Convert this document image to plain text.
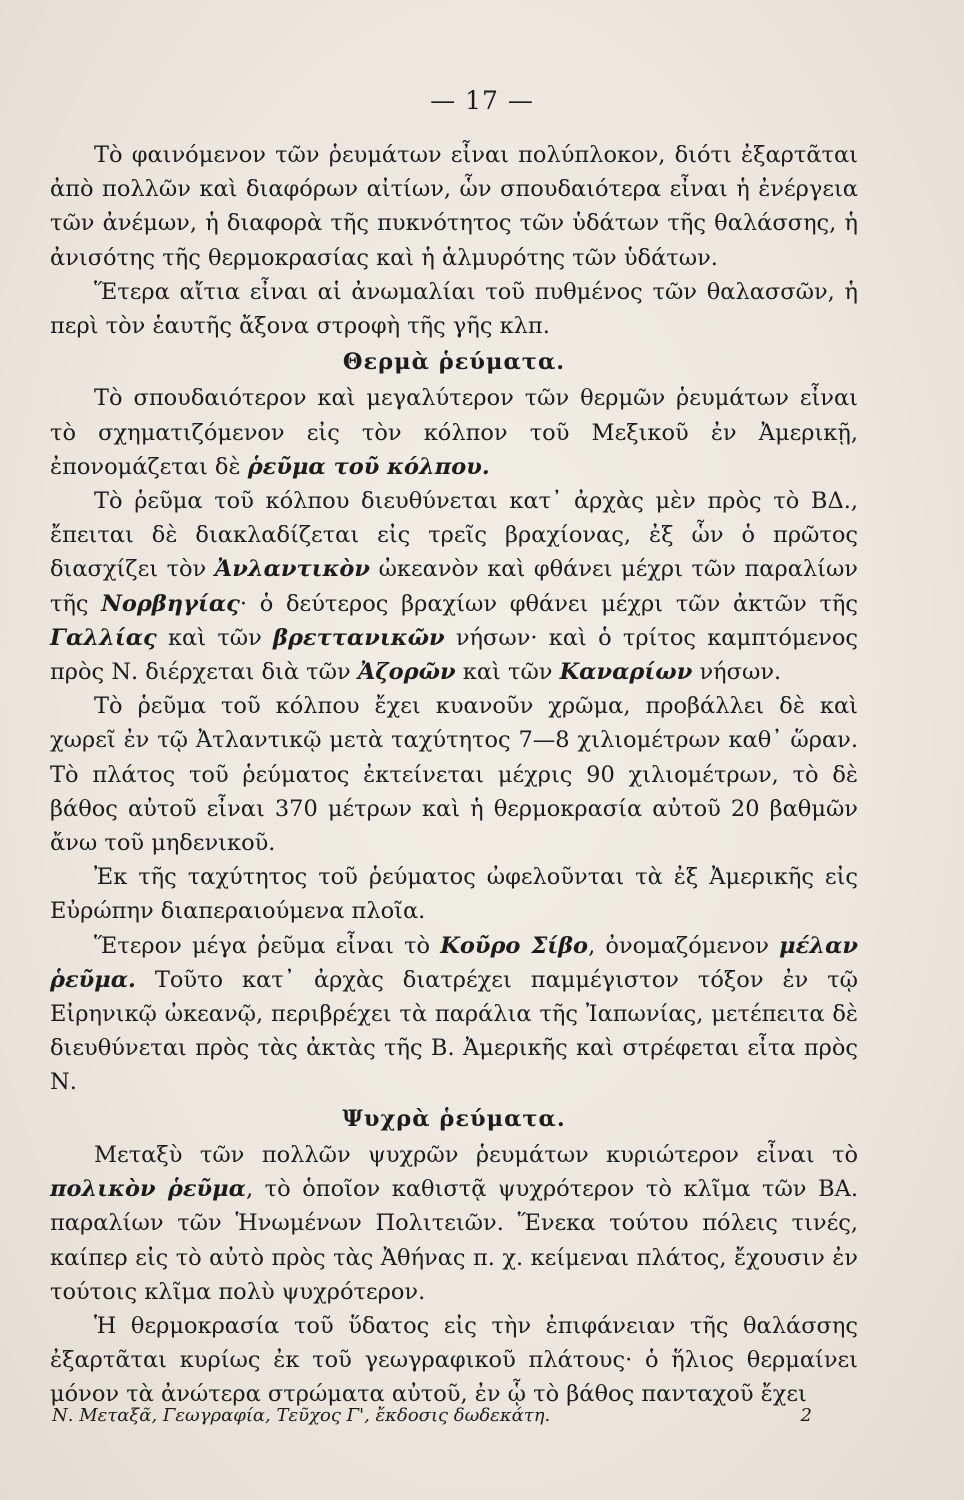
— 17 —

Τὸ φαινόμενον τῶν ῥευμάτων εἶναι πολύπλοκον, διότι ἐξαρτᾶται ἀπὸ πολλῶν καὶ διαφόρων αἰτίων, ὧν σπουδαιότερα εἶναι ἡ ἐνέργεια τῶν ἀνέμων, ἡ διαφορὰ τῆς πυκνότητος τῶν ὑδάτων τῆς θαλάσσης, ἡ ἀνισότης τῆς θερμοκρασίας καὶ ἡ ἁλμυρότης τῶν ὑδάτων.

Ἕτερα αἴτια εἶναι αἱ ἀνωμαλίαι τοῦ πυθμένος τῶν θαλασσῶν, ἡ περὶ τὸν ἑαυτῆς ἄξονα στροφὴ τῆς γῆς κλπ.

Θερμὰ ῥεύματα.

Τὸ σπουδαιότερον καὶ μεγαλύτερον τῶν θερμῶν ῥευμάτων εἶναι τὸ σχηματιζόμενον εἰς τὸν κόλπον τοῦ Μεξικοῦ ἐν Ἀμερικῇ, ἐπονομάζεται δὲ ῥεῦμα τοῦ κόλπου.

Τὸ ῥεῦμα τοῦ κόλπου διευθύνεται κατ᾽ ἀρχὰς μὲν πρὸς τὸ ΒΔ., ἔπειται δὲ διακλαδίζεται εἰς τρεῖς βραχίονας, ἐξ ὧν ὁ πρῶτος διασχίζει τὸν Ἀνλαντικὸν ὠκεανὸν καὶ φθάνει μέχρι τῶν παραλίων τῆς Νορβηγίας· ὁ δεύτερος βραχίων φθάνει μέχρι τῶν ἀκτῶν τῆς Γαλλίας καὶ τῶν βρεττανικῶν νήσων· καὶ ὁ τρίτος καμπτόμενος πρὸς Ν. διέρχεται διὰ τῶν Ἀζορῶν καὶ τῶν Καναρίων νήσων.

Τὸ ῥεῦμα τοῦ κόλπου ἔχει κυανοῦν χρῶμα, προβάλλει δὲ καὶ χωρεῖ ἐν τῷ Ἀτλαντικῷ μετὰ ταχύτητος 7—8 χιλιομέτρων καθ᾽ ὥραν. Τὸ πλάτος τοῦ ῥεύματος ἐκτείνεται μέχρις 90 χιλιομέτρων, τὸ δὲ βάθος αὐτοῦ εἶναι 370 μέτρων καὶ ἡ θερμοκρασία αὐτοῦ 20 βαθμῶν ἄνω τοῦ μηδενικοῦ.

Ἐκ τῆς ταχύτητος τοῦ ῥεύματος ὠφελοῦνται τὰ ἐξ Ἀμερικῆς εἰς Εὐρώπην διαπεραιούμενα πλοῖα.

Ἕτερον μέγα ῥεῦμα εἶναι τὸ Κοῦρο Σίβο, ὀνομαζόμενον μέλαν ῥεῦμα. Τοῦτο κατ᾽ ἀρχὰς διατρέχει παμμέγιστον τόξον ἐν τῷ Εἰρηνικῷ ὠκεανῷ, περιβρέχει τὰ παράλια τῆς Ἰαπωνίας, μετέπειτα δὲ διευθύνεται πρὸς τὰς ἀκτὰς τῆς Β. Ἀμερικῆς καὶ στρέφεται εἶτα πρὸς Ν.

Ψυχρὰ ῥεύματα.

Μεταξὺ τῶν πολλῶν ψυχρῶν ῥευμάτων κυριώτερον εἶναι τὸ πολικὸν ῥεῦμα, τὸ ὁποῖον καθιστᾷ ψυχρότερον τὸ κλῖμα τῶν ΒΑ. παραλίων τῶν Ἡνωμένων Πολιτειῶν. Ἕνεκα τούτου πόλεις τινές, καίπερ εἰς τὸ αὐτὸ πρὸς τὰς Ἀθήνας π. χ. κείμεναι πλάτος, ἔχουσιν ἐν τούτοις κλῖμα πολὺ ψυχρότερον.

Ἡ θερμοκρασία τοῦ ὕδατος εἰς τὴν ἐπιφάνειαν τῆς θαλάσσης ἐξαρτᾶται κυρίως ἐκ τοῦ γεωγραφικοῦ πλάτους· ὁ ἥλιος θερμαίνει μόνον τὰ ἀνώτερα στρώματα αὐτοῦ, ἐν ᾧ τὸ βάθος πανταχοῦ ἔχει

Ν. Μεταξᾶ, Γεωγραφία, Τεῦχος Γ', ἔκδοσις δωδεκάτη.	2
